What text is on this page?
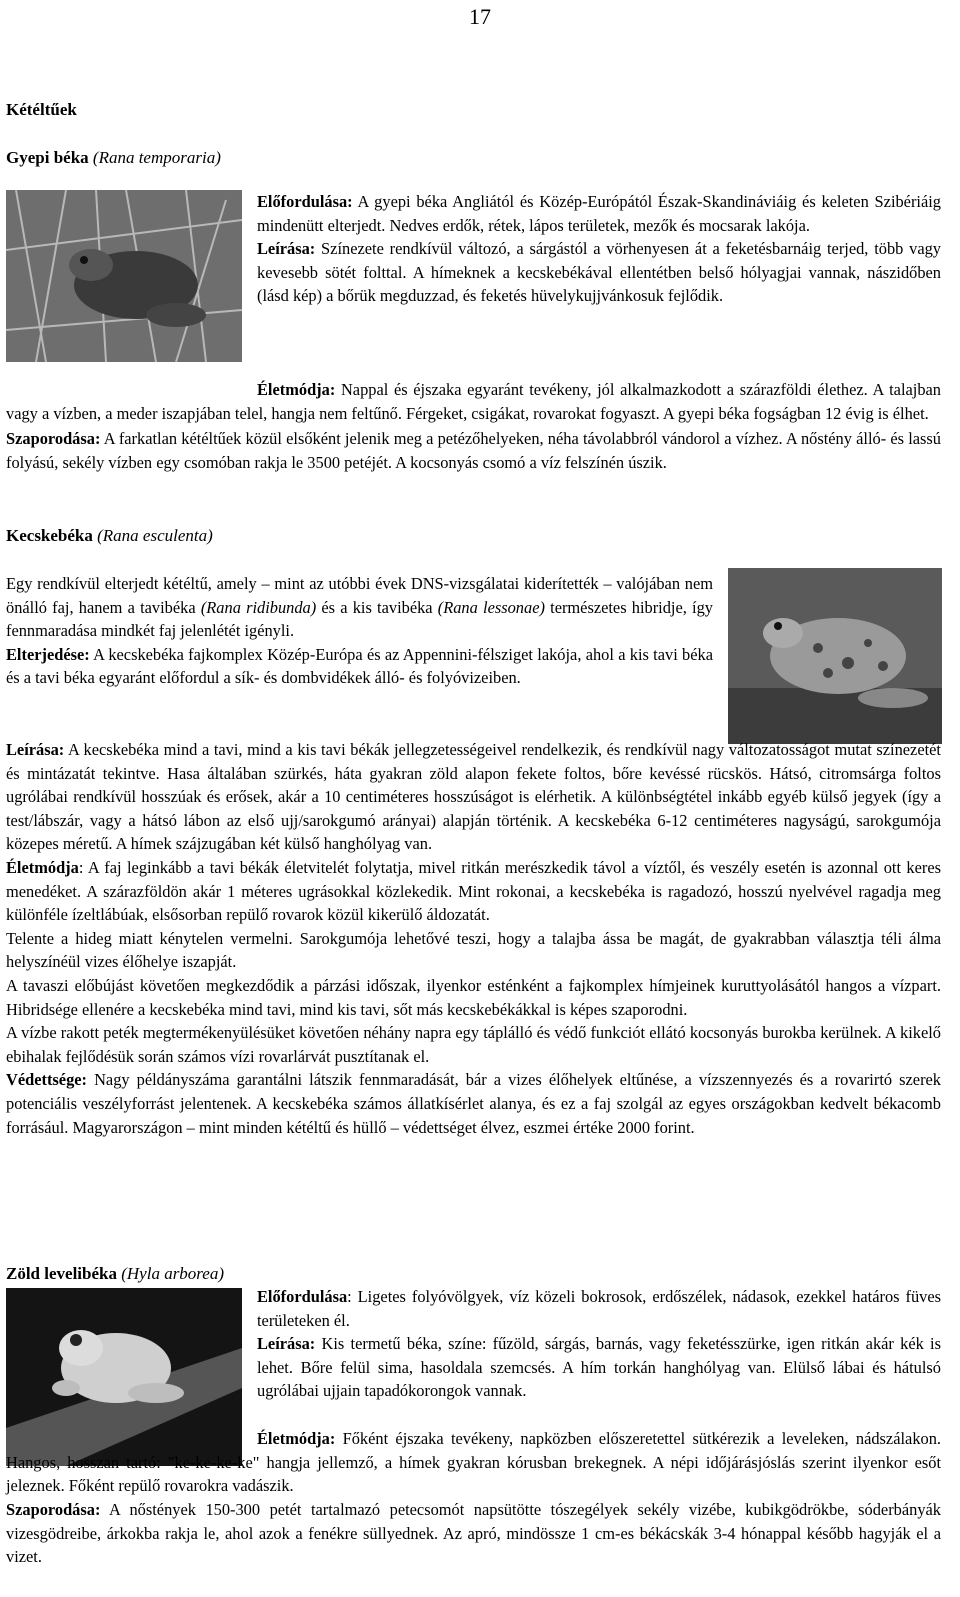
17
Kétéltűek
Gyepi béka (Rana temporaria)

Előfordulása: A gyepi béka Angliától és Közép-Európától Észak-Skandináviáig és keleten Szibériáig mindenütt elterjedt. Nedves erdők, rétek, lápos területek, mezők és mocsarak lakója.

Leírása: Színezete rendkívül változó, a sárgástól a vörhenyesen át a feketésbarnáig terjed, több vagy kevesebb sötét folttal. A hímeknek a kecskebékával ellentétben belső hólyagjai vannak, nászidőben (lásd kép) a bőrük megduzzad, és feketés hüvelykujjvánkosuk fejlődik.

Életmódja: Nappal és éjszaka egyaránt tevékeny, jól alkalmazkodott a szárazföldi élethez. A talajban vagy a vízben, a meder iszapjában telel, hangja nem feltűnő. Férgeket, csigákat, rovarokat fogyaszt. A gyepi béka fogságban 12 évig is élhet.

Szaporodása: A farkatlan kétéltűek közül elsőként jelenik meg a petézőhelyeken, néha távolabbról vándorol a vízhez. A nőstény álló- és lassú folyású, sekély vízben egy csomóban rakja le 3500 petéjét. A kocsonyás csomó a víz felszínén úszik.

Kecskebéka (Rana esculenta)

Egy rendkívül elterjedt kétéltű, amely – mint az utóbbi évek DNS-vizsgálatai kiderítették – valójában nem önálló faj, hanem a tavibéka (Rana ridibunda) és a kis tavibéka (Rana lessonae) természetes hibridje, így fennmaradása mindkét faj jelenlétét igényli.

Elterjedése: A kecskebéka fajkomplex Közép-Európa és az Appennini-félsziget lakója, ahol a kis tavi béka és a tavi béka egyaránt előfordul a sík- és dombvidékek álló- és folyóvizeiben.

Leírása: A kecskebéka mind a tavi, mind a kis tavi békák jellegzetességeivel rendelkezik, és rendkívül nagy változatosságot mutat színezetét és mintázatát tekintve. Hasa általában szürkés, háta gyakran zöld alapon fekete foltos, bőre kevéssé rücskös. Hátsó, citromsárga foltos ugrólábai rendkívül hosszúak és erősek, akár a 10 centiméteres hosszúságot is elérhetik. A különbségtétel inkább egyéb külső jegyek (így a test/lábszár, vagy a hátsó lábon az első ujj/sarokgumó arányai) alapján történik. A kecskebéka 6-12 centiméteres nagyságú, sarokgumója közepes méretű. A hímek szájzugában két külső hanghólyag van.

Életmódja: A faj leginkább a tavi békák életvitelét folytatja, mivel ritkán merészkedik távol a víztől, és veszély esetén is azonnal ott keres menedéket. A szárazföldön akár 1 méteres ugrásokkal közlekedik. Mint rokonai, a kecskebéka is ragadozó, hosszú nyelvével ragadja meg különféle ízeltlábúak, elsősorban repülő rovarok közül kikerülő áldozatát.

Telente a hideg miatt kénytelen vermelni. Sarokgumója lehetővé teszi, hogy a talajba ássa be magát, de gyakrabban választja téli álma helyszínéül vizes élőhelye iszapját.

A tavaszi előbújást követően megkezdődik a párzási időszak, ilyenkor esténként a fajkomplex hímjeinek kuruttyolásától hangos a vízpart. Hibridsége ellenére a kecskebéka mind tavi, mind kis tavi, sőt más kecskebékákkal is képes szaporodni.

A vízbe rakott peték megtermékenyülésüket követően néhány napra egy táplálló és védő funkciót ellátó kocsonyás burokba kerülnek. A kikelő ebihalak fejlődésük során számos vízi rovarlárvát pusztítanak el.

Védettsége: Nagy példányszáma garantálni látszik fennmaradását, bár a vizes élőhelyek eltűnése, a vízszennyezés és a rovarirtó szerek potenciális veszélyforrást jelentenek. A kecskebéka számos állatkísérlet alanya, és ez a faj szolgál az egyes országokban kedvelt békacomb forrásául. Magyarországon – mint minden kétéltű és hüllő – védettséget élvez, eszmei értéke 2000 forint.

Zöld levelibéka (Hyla arborea)

Előfordulása: Ligetes folyóvölgyek, víz közeli bokrosok, erdőszélek, nádasok, ezekkel határos füves területeken él.

Leírása: Kis termetű béka, színe: fűzöld, sárgás, barnás, vagy feketésszürke, igen ritkán akár kék is lehet. Bőre felül sima, hasoldala szemcsés. A hím torkán hanghólyag van. Elülső lábai és hátulsó ugrólábai ujjain tapadókorongok vannak.

Életmódja: Főként éjszaka tevékeny, napközben előszeretettel sütkérezik a leveleken, nádszálakon. Hangos, hosszan tartó: "ke-ke-ke-ke" hangja jellemző, a hímek gyakran kórusban brekegnek. A népi időjárásjóslás szerint ilyenkor esőt jeleznek. Főként repülő rovarokra vadászik.

Szaporodása: A nőstények 150-300 petét tartalmazó petecsomót napsütötte tószegélyek sekély vizébe, kubikgödrökbe, sóderbányák vizesgödreibe, árkokba rakja le, ahol azok a fenékre süllyednek. Az apró, mindössze 1 cm-es békácskák 3-4 hónappal később hagyják el a vizet.
